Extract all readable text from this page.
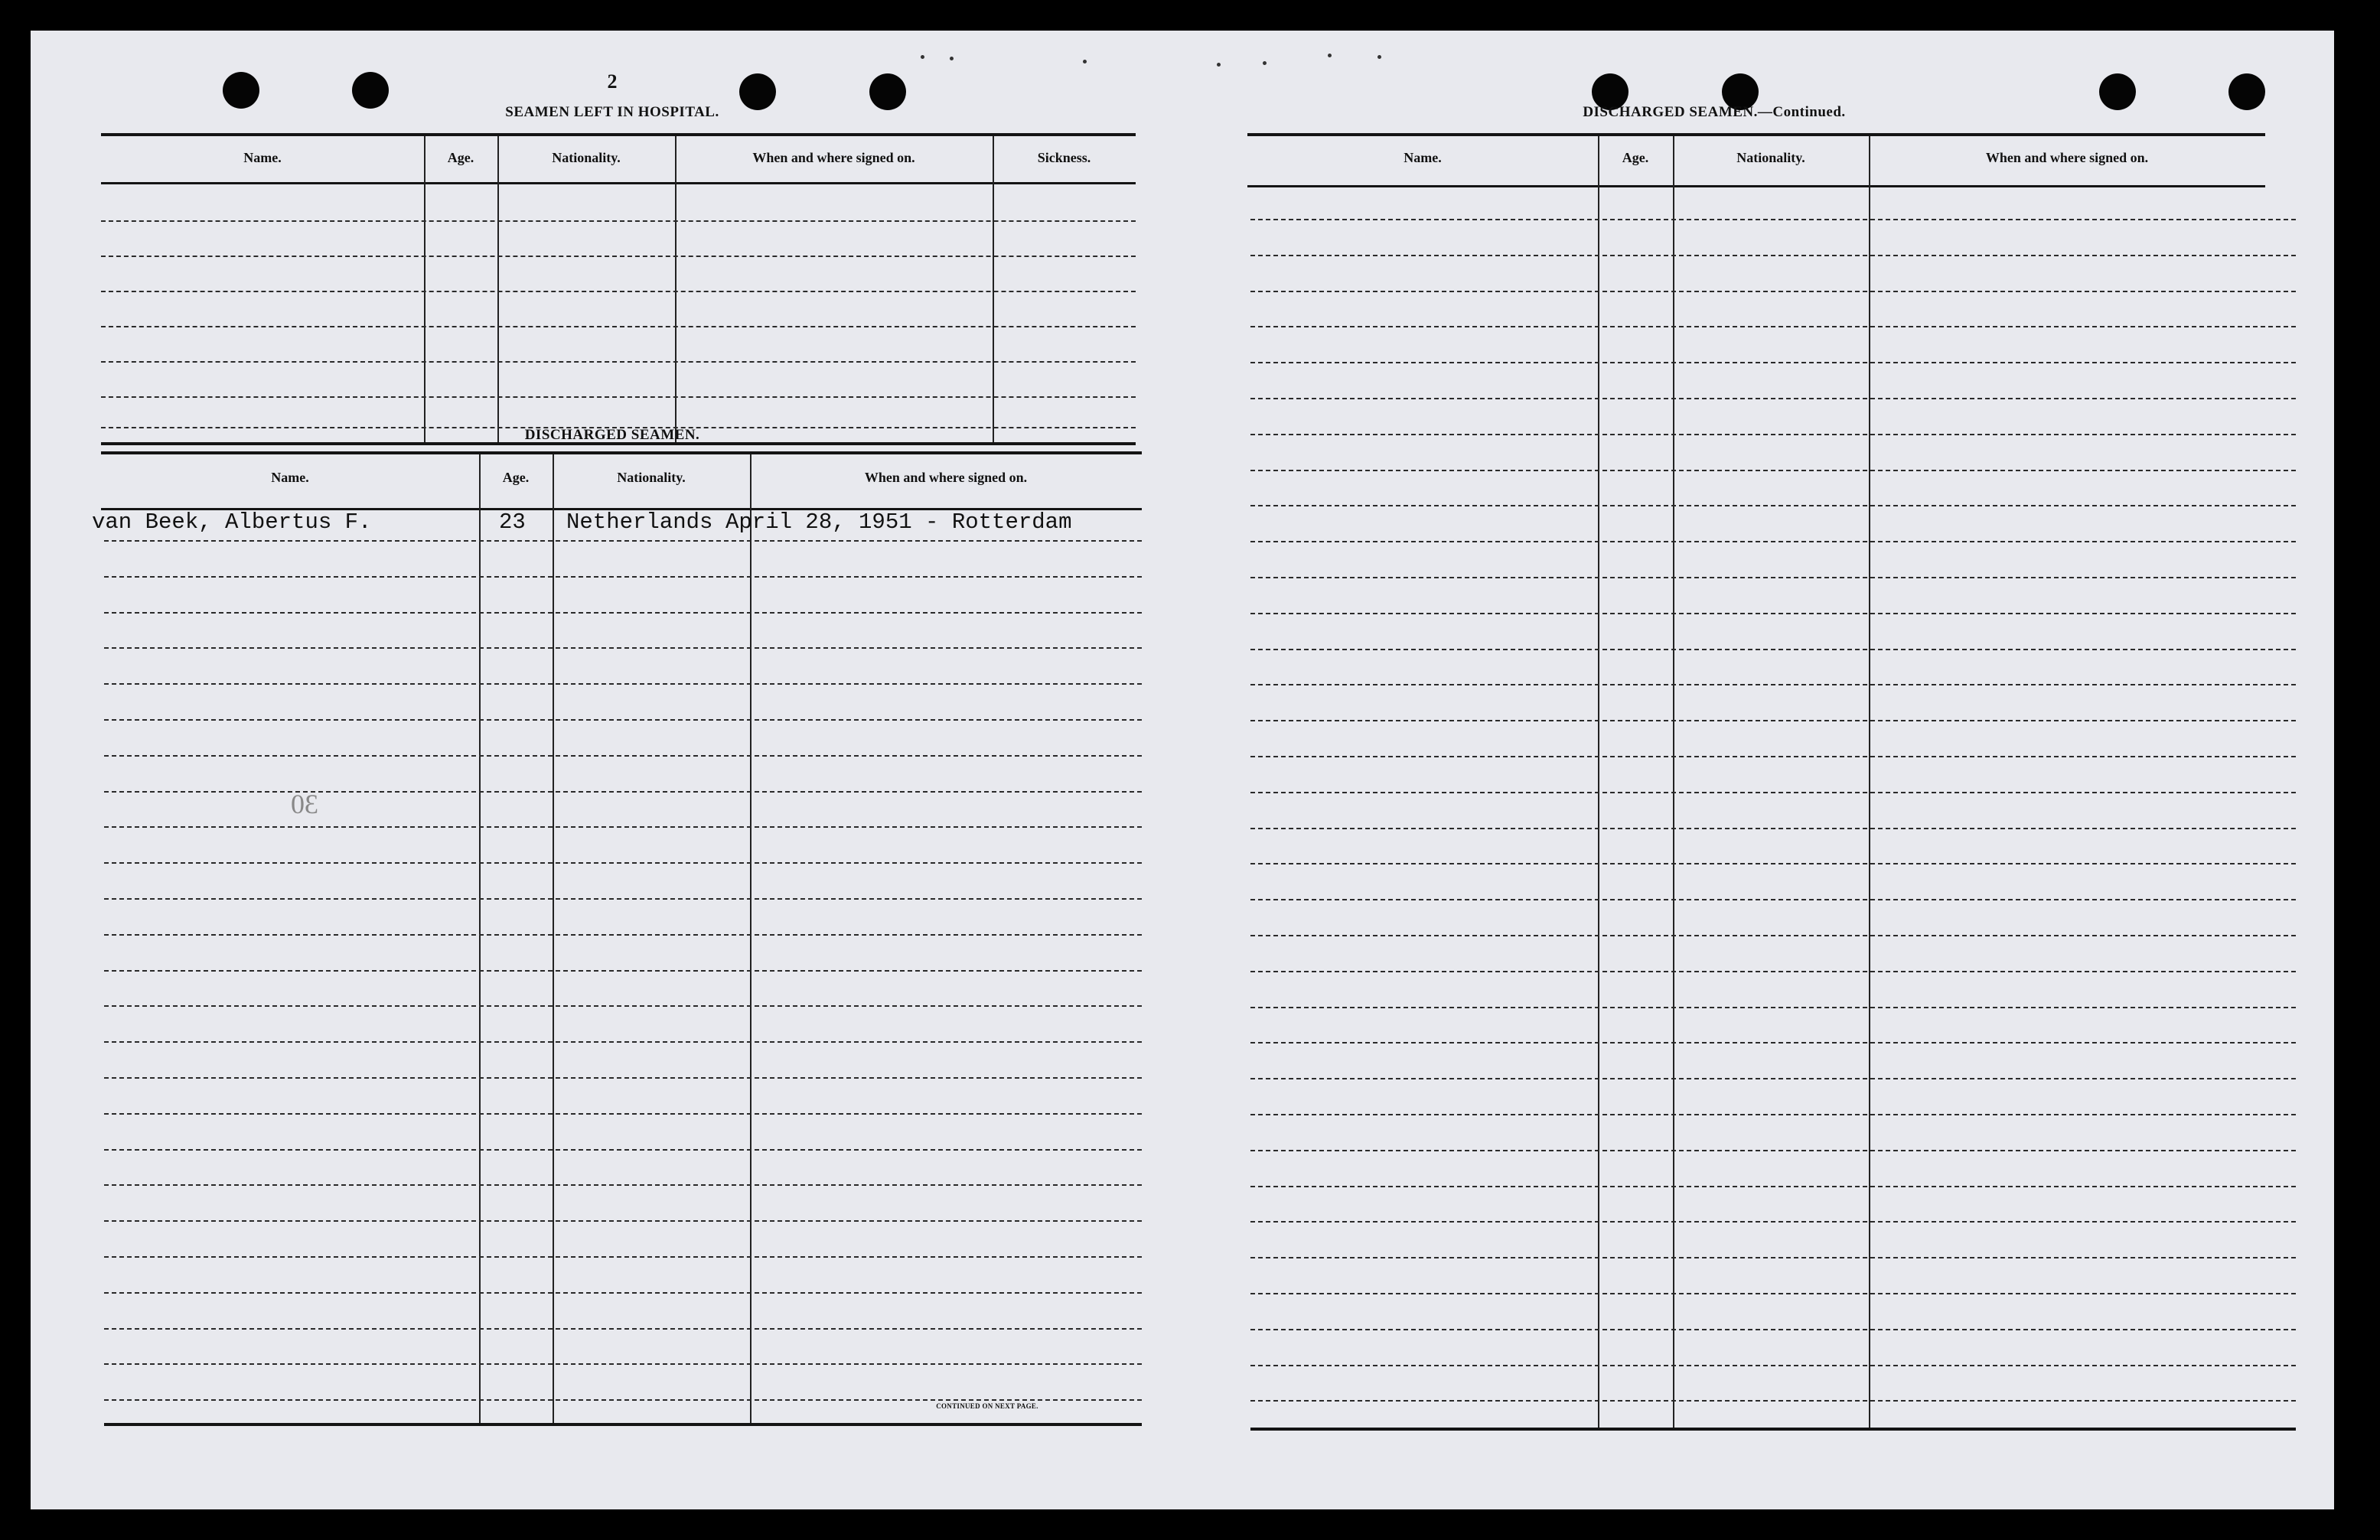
2
SEAMEN LEFT IN HOSPITAL.
Name.	Age.	Nationality.	When and where signed on.	Sickness.
DISCHARGED SEAMEN.
Name.	Age.	Nationality.	When and where signed on.
van Beek, Albertus F.	23 Netherlands April 28, 1951 - Rotterdam
30
CONTINUED ON NEXT PAGE.
DISCHARGED SEAMEN.—Continued.
Name.	Age.	Nationality.	When and where signed on.
